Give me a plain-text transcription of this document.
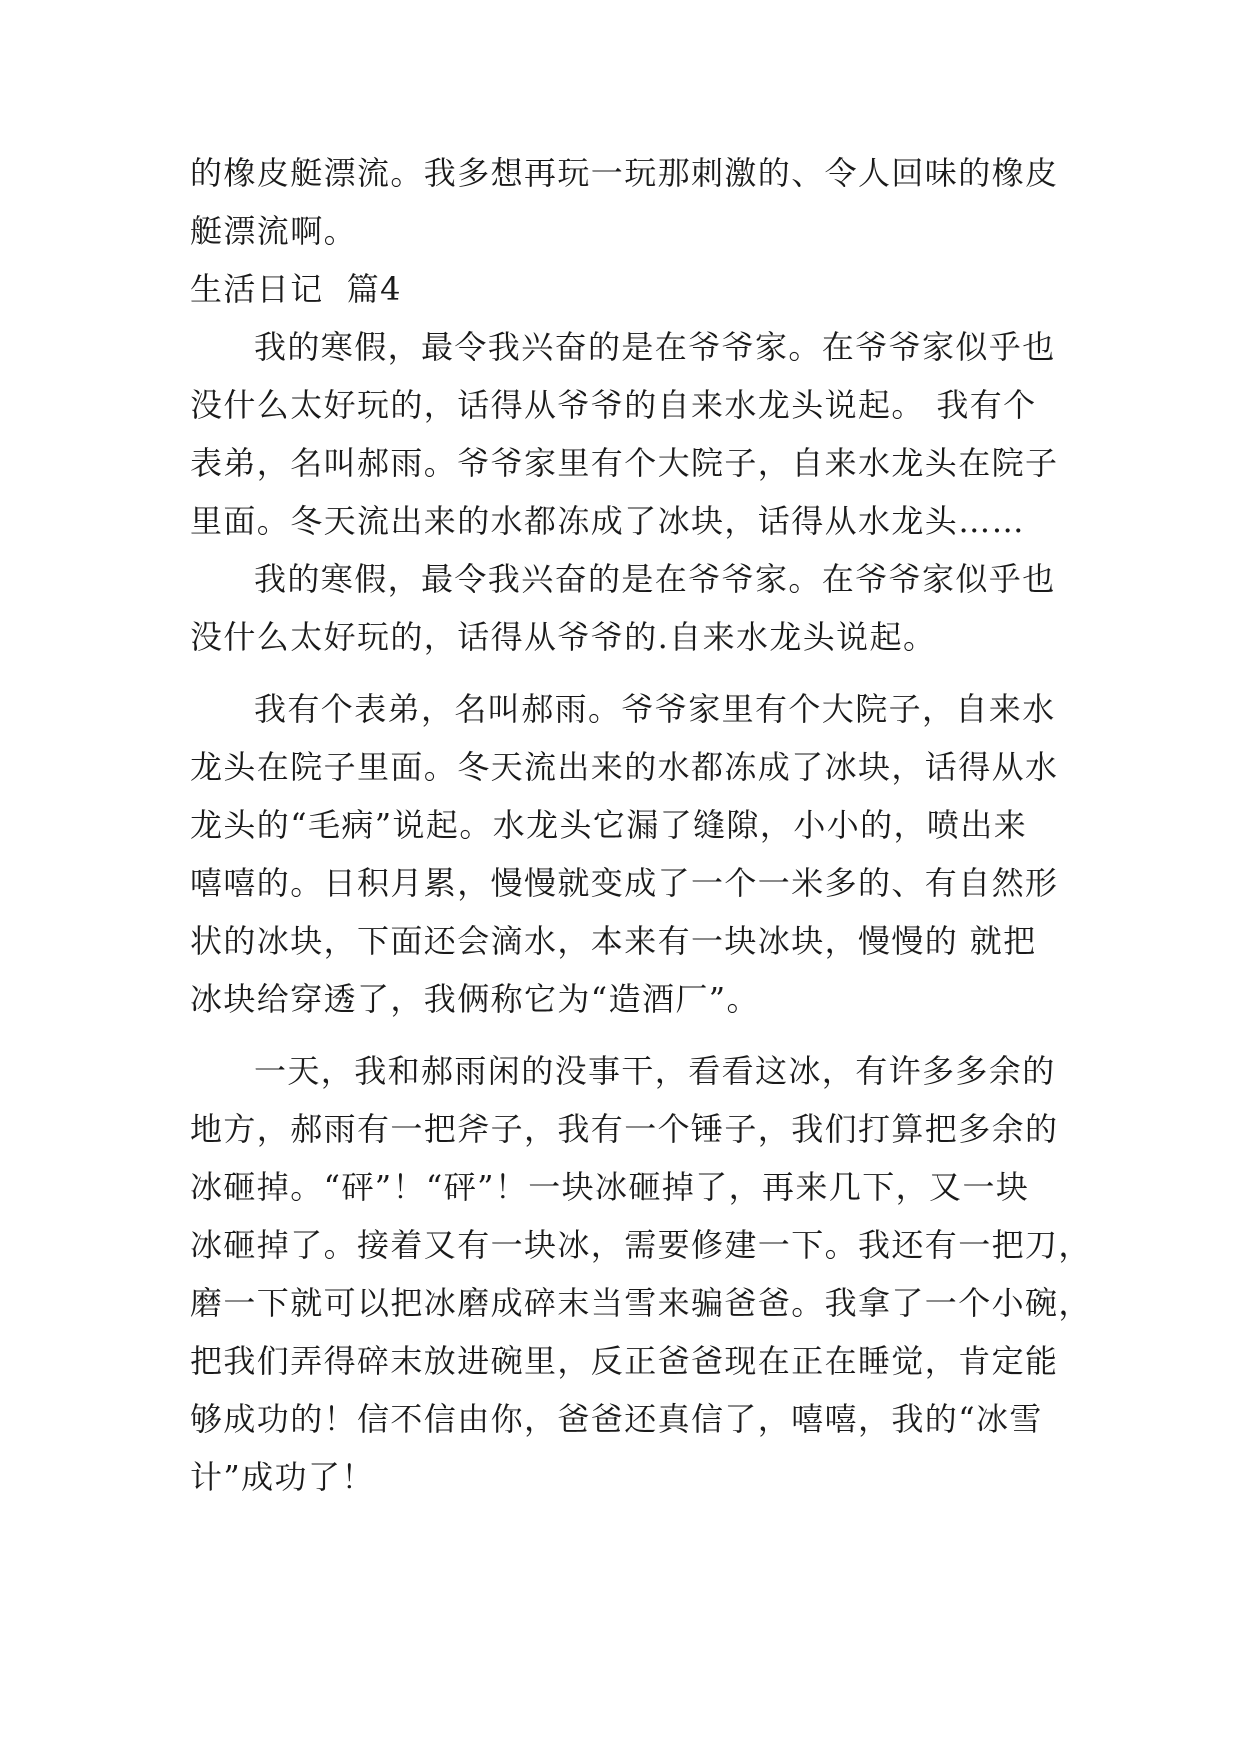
的橡皮艇漂流。我多想再玩一玩那刺激的、令人回味的橡皮
艇漂流啊。

生活日记  篇4

我的寒假，最令我兴奋的是在爷爷家。在爷爷家似乎也
没什么太好玩的，话得从爷爷的自来水龙头说起。 我有个
表弟，名叫郝雨。爷爷家里有个大院子，自来水龙头在院子
里面。冬天流出来的水都冻成了冰块，话得从水龙头……

我的寒假，最令我兴奋的是在爷爷家。在爷爷家似乎也
没什么太好玩的，话得从爷爷的.自来水龙头说起。

我有个表弟，名叫郝雨。爷爷家里有个大院子，自来水
龙头在院子里面。冬天流出来的水都冻成了冰块，话得从水
龙头的“毛病”说起。水龙头它漏了缝隙，小小的，喷出来
嘻嘻的。日积月累，慢慢就变成了一个一米多的、有自然形
状的冰块，下面还会滴水，本来有一块冰块，慢慢的 就把
冰块给穿透了，我俩称它为“造酒厂”。

一天，我和郝雨闲的没事干，看看这冰，有许多多余的
地方，郝雨有一把斧子，我有一个锤子，我们打算把多余的
冰砸掉。“砰”！“砰”！一块冰砸掉了，再来几下，又一块
冰砸掉了。接着又有一块冰，需要修建一下。我还有一把刀，
磨一下就可以把冰磨成碎末当雪来骗爸爸。我拿了一个小碗，
把我们弄得碎末放进碗里，反正爸爸现在正在睡觉，肯定能
够成功的！信不信由你，爸爸还真信了，嘻嘻，我的“冰雪
计”成功了！
